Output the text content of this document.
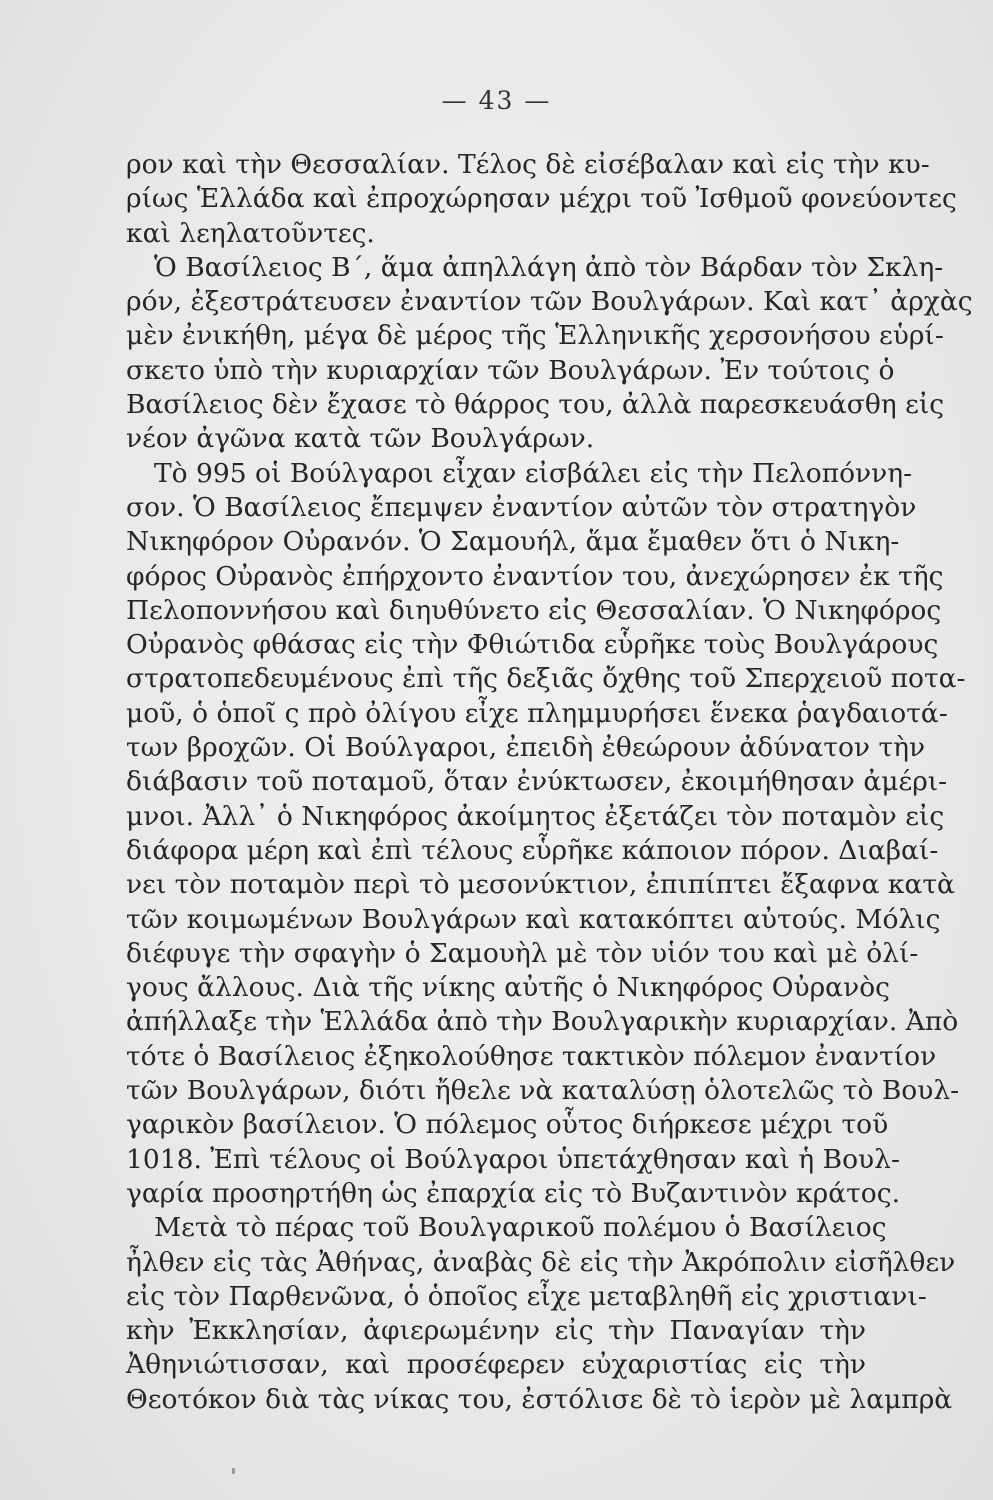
— 43 —
ρον καὶ τὴν Θεσσαλίαν. Τέλος δὲ εἰσέβαλαν καὶ εἰς τὴν κυ-
ρίως Ἑλλάδα καὶ ἐπροχώρησαν μέχρι τοῦ Ἰσθμοῦ φονεύοντες
καὶ λεηλατοῦντες.
Ὁ Βασίλειος Β΄, ἅμα ἀπηλλάγη ἀπὸ τὸν Βάρδαν τὸν Σκλη-
ρόν, ἐξεστράτευσεν ἐναντίον τῶν Βουλγάρων. Καὶ κατ᾽ ἀρχὰς
μὲν ἐνικήθη, μέγα δὲ μέρος τῆς Ἑλληνικῆς χερσονήσου εὑρί-
σκετο ὑπὸ τὴν κυριαρχίαν τῶν Βουλγάρων. Ἐν τούτοις ὁ
Βασίλειος δὲν ἔχασε τὸ θάρρος του, ἀλλὰ παρεσκευάσθη εἰς
νέον ἀγῶνα κατὰ τῶν Βουλγάρων.
Τὸ 995 οἱ Βούλγαροι εἶχαν εἰσβάλει εἰς τὴν Πελοπόννη-
σον. Ὁ Βασίλειος ἔπεμψεν ἐναντίον αὐτῶν τὸν στρατηγὸν
Νικηφόρον Οὐρανόν. Ὁ Σαμουήλ, ἅμα ἔμαθεν ὅτι ὁ Νικη-
φόρος Οὐρανὸς ἐπήρχοντο ἐναντίον του, ἀνεχώρησεν ἐκ τῆς
Πελοποννήσου καὶ διηυθύνετο εἰς Θεσσαλίαν. Ὁ Νικηφόρος
Οὐρανὸς φθάσας εἰς τὴν Φθιώτιδα εὗρῆκε τοὺς Βουλγάρους
στρατοπεδευμένους ἐπὶ τῆς δεξιᾶς ὄχθης τοῦ Σπερχειοῦ ποτα-
μοῦ, ὁ ὁποῖ ς πρὸ ὀλίγου εἶχε πλημμυρήσει ἕνεκα ῥαγδαιοτά-
των βροχῶν. Οἱ Βούλγαροι, ἐπειδὴ ἐθεώρουν ἀδύνατον τὴν
διάβασιν τοῦ ποταμοῦ, ὅταν ἐνύκτωσεν, ἐκοιμήθησαν ἀμέρι-
μνοι. Ἀλλ᾽ ὁ Νικηφόρος ἀκοίμητος ἐξετάζει τὸν ποταμὸν εἰς
διάφορα μέρη καὶ ἐπὶ τέλους εὗρῆκε κάποιον πόρον. Διαβαί-
νει τὸν ποταμὸν περὶ τὸ μεσονύκτιον, ἐπιπίπτει ἔξαφνα κατὰ
τῶν κοιμωμένων Βουλγάρων καὶ κατακόπτει αὐτούς. Μόλις
διέφυγε τὴν σφαγὴν ὁ Σαμουὴλ μὲ τὸν υἱόν του καὶ μὲ ὀλί-
γους ἄλλους. Διὰ τῆς νίκης αὐτῆς ὁ Νικηφόρος Οὐρανὸς
ἀπήλλαξε τὴν Ἑλλάδα ἀπὸ τὴν Βουλγαρικὴν κυριαρχίαν. Ἀπὸ
τότε ὁ Βασίλειος ἐξηκολούθησε τακτικὸν πόλεμον ἐναντίον
τῶν Βουλγάρων, διότι ἤθελε νὰ καταλύσῃ ὁλοτελῶς τὸ Βουλ-
γαρικὸν βασίλειον. Ὁ πόλεμος οὗτος διήρκεσε μέχρι τοῦ
1018. Ἐπὶ τέλους οἱ Βούλγαροι ὑπετάχθησαν καὶ ἡ Βουλ-
γαρία προσηρτήθη ὡς ἐπαρχία εἰς τὸ Βυζαντινὸν κράτος.
Μετὰ τὸ πέρας τοῦ Βουλγαρικοῦ πολέμου ὁ Βασίλειος
ἦλθεν εἰς τὰς Ἀθήνας, ἀναβὰς δὲ εἰς τὴν Ἀκρόπολιν εἰσῆλθεν
εἰς τὸν Παρθενῶνα, ὁ ὁποῖος εἶχε μεταβληθῆ εἰς χριστιανι-
κὴν Ἐκκλησίαν, ἀφιερωμένην εἰς τὴν Παναγίαν τὴν
Ἀθηνιώτισσαν, καὶ προσέφερεν εὐχαριστίας εἰς τὴν
Θεοτόκον διὰ τὰς νίκας του, ἐστόλισε δὲ τὸ ἱερὸν μὲ λαμπρὰ
